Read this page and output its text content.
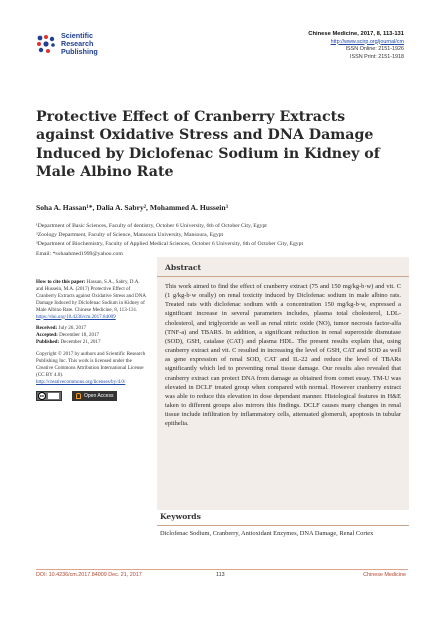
Scientific
Research
Publishing
Chinese Medicine, 2017, 8, 113-131
http://www.scirp.org/journal/cm
ISSN Online: 2151-1926
ISSN Print: 2151-1918
Protective Effect of Cranberry Extracts against Oxidative Stress and DNA Damage Induced by Diclofenac Sodium in Kidney of Male Albino Rate
Soha A. Hassan¹*, Dalia A. Sabry², Mohammed A. Hussein³
¹Department of Basic Sciences, Faculty of dentistry, October 6 University, 6th of October City, Egypt
²Zoology Department, Faculty of Science, Mansoura University, Mansoura, Egypt
³Department of Biochemistry, Faculty of Applied Medical Sciences, October 6 University, 6th of October City, Egypt
Email: *sohaahmed1999@yahoo.com
How to cite this paper: Hassan, S.A., Sabry, D.A. and Hussein, M.A. (2017) Protective Effect of Cranberry Extracts against Oxidative Stress and DNA Damage Induced by Diclofenac Sodium in Kidney of Male Albino Rate. Chinese Medicine, 8, 113-131.
https://doi.org/10.4236/cm.2017.84009
Received: July 26, 2017
Accepted: December 18, 2017
Published: December 21, 2017
Copyright © 2017 by authors and Scientific Research Publishing Inc. This work is licensed under the Creative Commons Attribution International License (CC BY 4.0).
http://creativecommons.org/licenses/by/4.0/
cc	Open Access
Abstract
This work aimed to find the effect of cranberry extract (75 and 150 mg/kg-b·w) and vit. C (1 g/kg-b·w orally) on renal toxicity induced by Diclofenac sodium in male albino rats. Treated rats with diclofenac sodium with a concentration 150 mg/kg-b·w, expressed a significant increase in several parameters includes, plasma total cholesterol, LDL-cholesterol, and triglyceride as well as renal nitric oxide (NO), tumor necrosis factor-alfa (TNF-a) and TBARS. In addition, a significant reduction in renal superoxide dismutase (SOD), GSH, catalase (CAT) and plasma HDL. The present results explain that, using cranberry extract and vit. C resulted in increasing the level of GSH, CAT and SOD as well as gene expression of renal SOD, CAT and IL-22 and reduce the level of TBARs significantly which led to preventing renal tissue damage. Our results also revealed that cranberry extract can protect DNA from damage as obtained from comet essay. TM-U was elevated in DCLF treated group when compared with normal. However cranberry extract was able to reduce this elevation in dose dependant manner. Histological features in H&E taken to different groups also mirrors this findings. DCLF causes many changes in renal tissue include infiltration by inflammatory cells, attenuated glomeruli, apoptosis in tubular epithelia.
Keywords
Diclofenac Sodium, Cranberry, Antioxidant Enzymes, DNA Damage, Renal Cortex
DOI: 10.4236/cm.2017.84009 Dec. 21, 2017	113	Chinese Medicine
